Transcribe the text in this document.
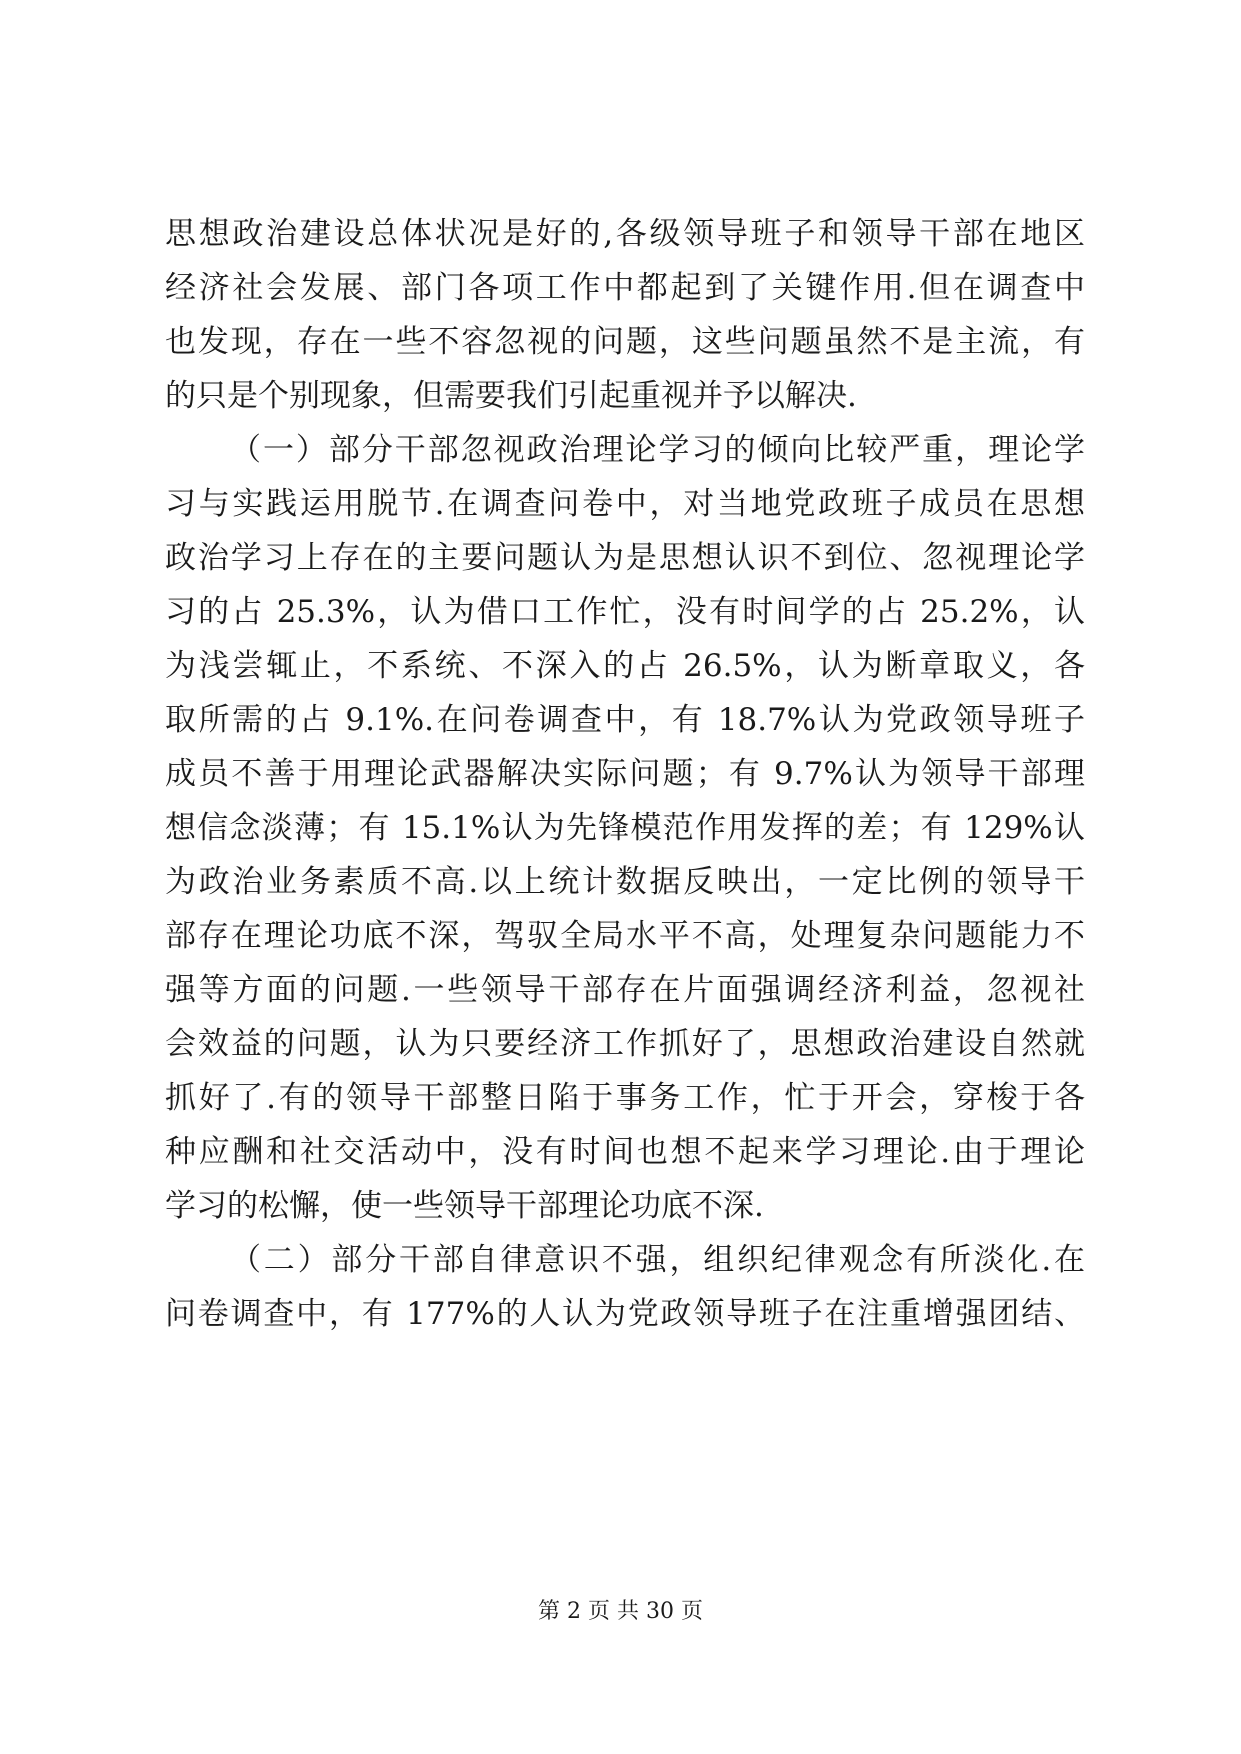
思想政治建设总体状况是好的,各级领导班子和领导干部在地区
经济社会发展、部门各项工作中都起到了关键作用.但在调查中
也发现，存在一些不容忽视的问题，这些问题虽然不是主流，有
的只是个别现象，但需要我们引起重视并予以解决.
（一）部分干部忽视政治理论学习的倾向比较严重，理论学
习与实践运用脱节.在调查问卷中，对当地党政班子成员在思想
政治学习上存在的主要问题认为是思想认识不到位、忽视理论学
习的占 25.3%，认为借口工作忙，没有时间学的占 25.2%，认
为浅尝辄止，不系统、不深入的占 26.5%，认为断章取义，各
取所需的占 9.1%.在问卷调查中，有 18.7%认为党政领导班子
成员不善于用理论武器解决实际问题；有 9.7%认为领导干部理
想信念淡薄；有 15.1%认为先锋模范作用发挥的差；有 129%认
为政治业务素质不高.以上统计数据反映出，一定比例的领导干
部存在理论功底不深，驾驭全局水平不高，处理复杂问题能力不
强等方面的问题.一些领导干部存在片面强调经济利益，忽视社
会效益的问题，认为只要经济工作抓好了，思想政治建设自然就
抓好了.有的领导干部整日陷于事务工作，忙于开会，穿梭于各
种应酬和社交活动中，没有时间也想不起来学习理论.由于理论
学习的松懈，使一些领导干部理论功底不深.
（二）部分干部自律意识不强，组织纪律观念有所淡化.在
问卷调查中，有 177%的人认为党政领导班子在注重增强团结、
第 2 页 共 30 页
